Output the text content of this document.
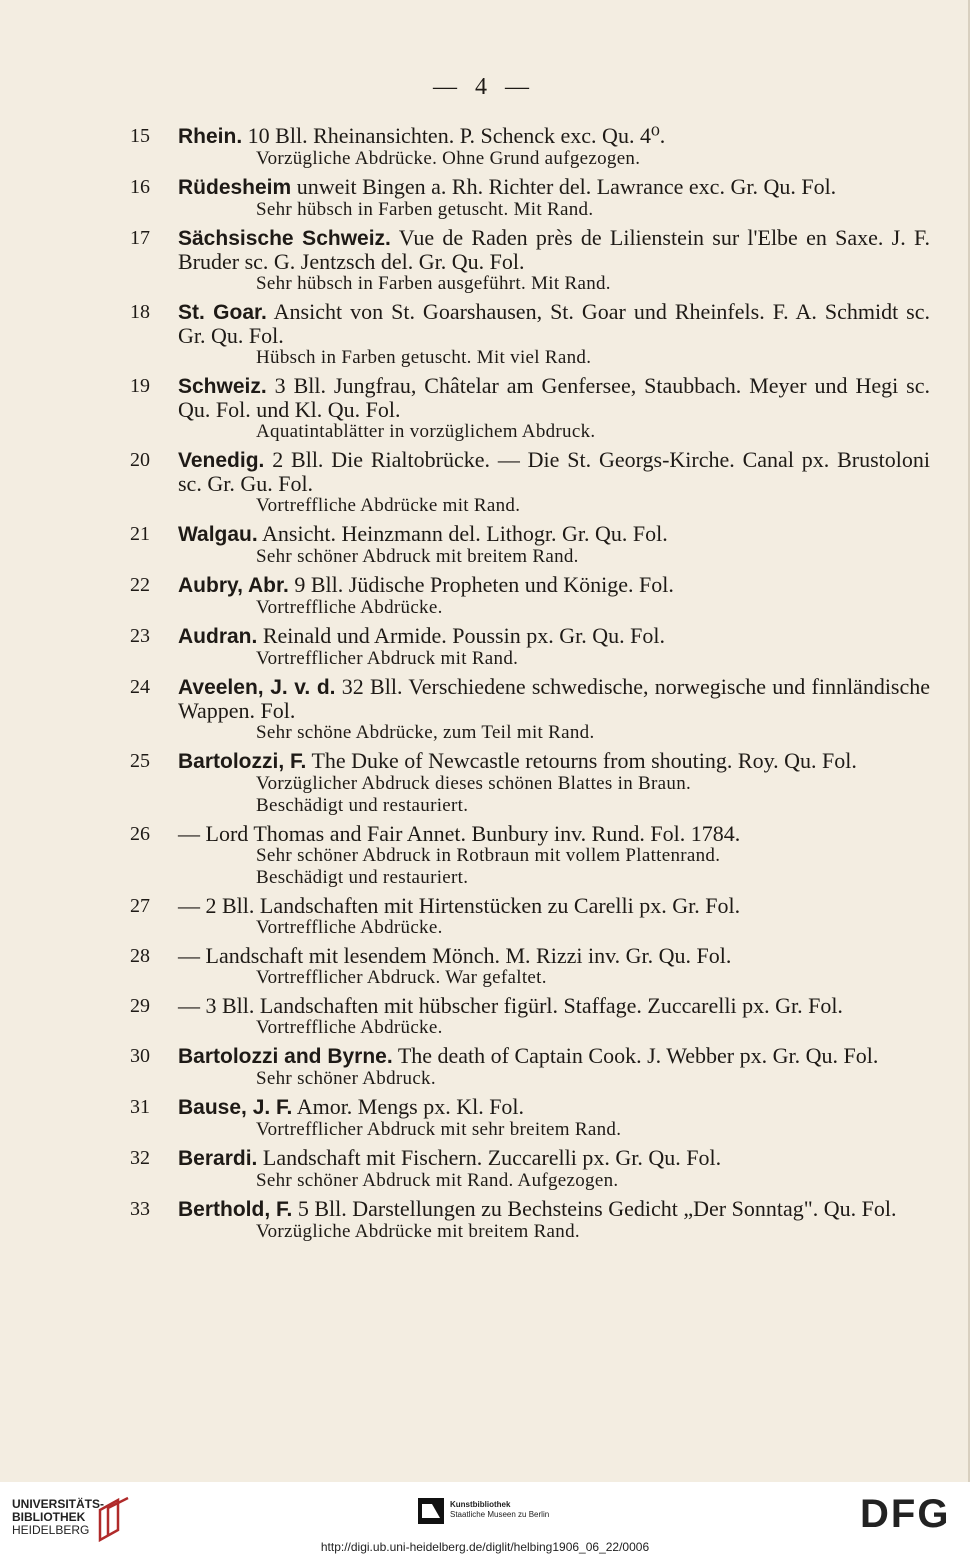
— 4 —
15	Rhein. 10 Bll. Rheinansichten. P. Schenck exc. Qu. 4⁰.
Vorzügliche Abdrücke. Ohne Grund aufgezogen.
16	Rüdesheim unweit Bingen a. Rh. Richter del. Lawrance exc. Gr. Qu. Fol.
Sehr hübsch in Farben getuscht. Mit Rand.
17	Sächsische Schweiz. Vue de Raden près de Lilienstein sur l'Elbe en Saxe. J. F. Bruder sc. G. Jentzsch del. Gr. Qu. Fol.
Sehr hübsch in Farben ausgeführt. Mit Rand.
18	St. Goar. Ansicht von St. Goarshausen, St. Goar und Rheinfels. F. A. Schmidt sc. Gr. Qu. Fol.
Hübsch in Farben getuscht. Mit viel Rand.
19	Schweiz. 3 Bll. Jungfrau, Châtelar am Genfersee, Staubbach. Meyer und Hegi sc. Qu. Fol. und Kl. Qu. Fol.
Aquatintablätter in vorzüglichem Abdruck.
20	Venedig. 2 Bll. Die Rialtobrücke. — Die St. Georgs-Kirche. Canal px. Brustoloni sc. Gr. Gu. Fol.
Vortreffliche Abdrücke mit Rand.
21	Walgau. Ansicht. Heinzmann del. Lithogr. Gr. Qu. Fol.
Sehr schöner Abdruck mit breitem Rand.
22	Aubry, Abr. 9 Bll. Jüdische Propheten und Könige. Fol.
Vortreffliche Abdrücke.
23	Audran. Reinald und Armide. Poussin px. Gr. Qu. Fol.
Vortrefflicher Abdruck mit Rand.
24	Aveelen, J. v. d. 32 Bll. Verschiedene schwedische, norwegische und finnländische Wappen. Fol.
Sehr schöne Abdrücke, zum Teil mit Rand.
25	Bartolozzi, F. The Duke of Newcastle retourns from shouting. Roy. Qu. Fol.
Vorzüglicher Abdruck dieses schönen Blattes in Braun.
Beschädigt und restauriert.
26	— Lord Thomas and Fair Annet. Bunbury inv. Rund. Fol. 1784.
Sehr schöner Abdruck in Rotbraun mit vollem Plattenrand.
Beschädigt und restauriert.
27	— 2 Bll. Landschaften mit Hirtenstücken zu Carelli px. Gr. Fol.
Vortreffliche Abdrücke.
28	— Landschaft mit lesendem Mönch. M. Rizzi inv. Gr. Qu. Fol.
Vortrefflicher Abdruck. War gefaltet.
29	— 3 Bll. Landschaften mit hübscher figürl. Staffage. Zuccarelli px. Gr. Fol.
Vortreffliche Abdrücke.
30	Bartolozzi and Byrne. The death of Captain Cook. J. Webber px. Gr. Qu. Fol.
Sehr schöner Abdruck.
31	Bause, J. F. Amor. Mengs px. Kl. Fol.
Vortrefflicher Abdruck mit sehr breitem Rand.
32	Berardi. Landschaft mit Fischern. Zuccarelli px. Gr. Qu. Fol.
Sehr schöner Abdruck mit Rand. Aufgezogen.
33	Berthold, F. 5 Bll. Darstellungen zu Bechsteins Gedicht „Der Sonntag". Qu. Fol.
Vorzügliche Abdrücke mit breitem Rand.
UNIVERSITÄTS-
BIBLIOTHEK
HEIDELBERG
Kunstbibliothek
Staatliche Museen zu Berlin	DFG
http://digi.ub.uni-heidelberg.de/diglit/helbing1906_06_22/0006
